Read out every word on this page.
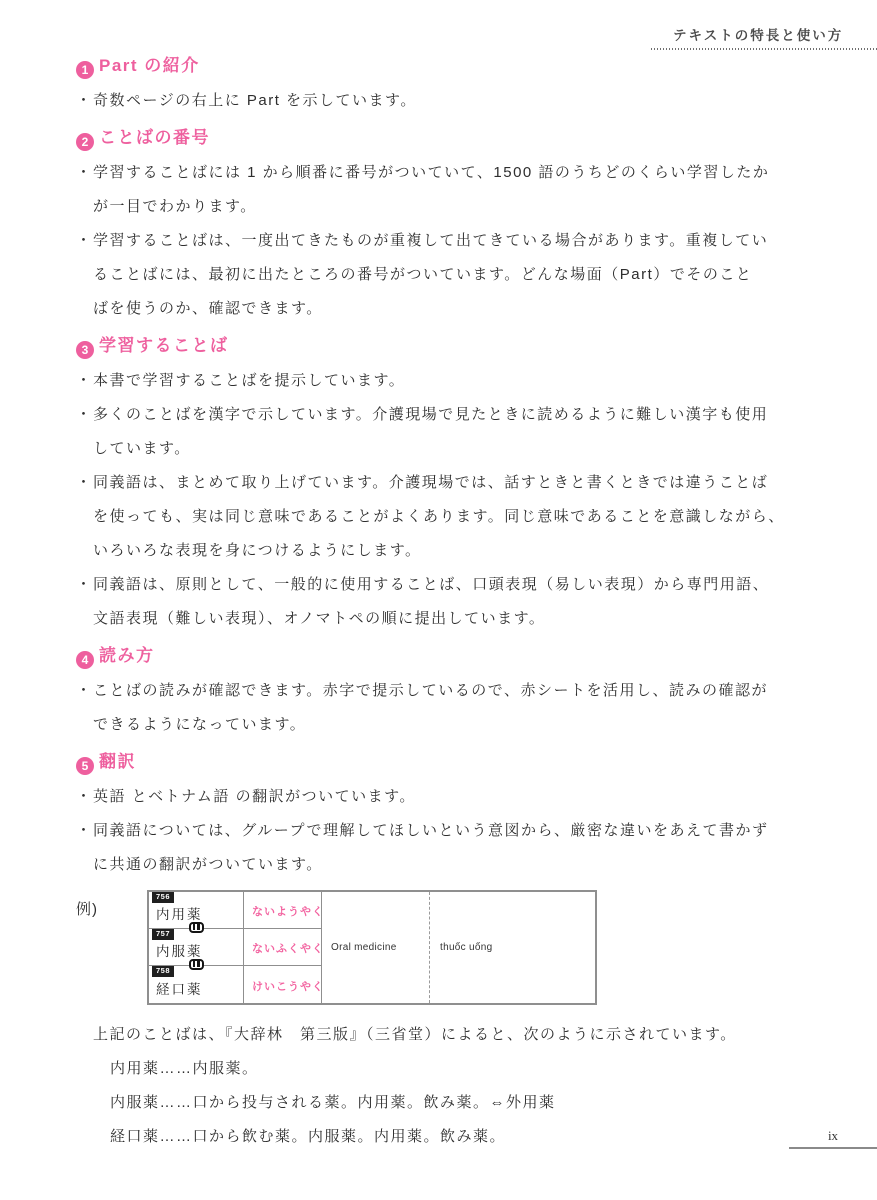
テキストの特長と使い方
1 Part の紹介
・ 奇数ページの右上に Part を示しています。
2 ことばの番号
・ 学習することばには 1 から順番に番号がついていて、1500 語のうちどのくらい学習したか
が一目でわかります。
・ 学習することばは、一度出てきたものが重複して出てきている場合があります。重複してい
ることばには、最初に出たところの番号がついています。どんな場面（Part）でそのこと
ばを使うのか、確認できます。
3 学習することば
・ 本書で学習することばを提示しています。
・ 多くのことばを漢字で示しています。介護現場で見たときに読めるように難しい漢字も使用
しています。
・ 同義語は、まとめて取り上げています。介護現場では、話すときと書くときでは違うことば
を使っても、実は同じ意味であることがよくあります。同じ意味であることを意識しながら、
いろいろな表現を身につけるようにします。
・ 同義語は、原則として、一般的に使用することば、口頭表現（易しい表現）から専門用語、
文語表現（難しい表現）、オノマトペの順に提出しています。
4 読み方
・ ことばの読みが確認できます。赤字で提示しているので、赤シートを活用し、読みの確認が
できるようになっています。
5 翻訳
・ 英語 とベトナム語 の翻訳がついています。
・ 同義語については、グループで理解してほしいという意図から、厳密な違いをあえて書かず
に共通の翻訳がついています。
例)
756
内用薬
757
内服薬
758
経口薬
ないようやく
ないふくやく
けいこうやく
Oral medicine	thuốc uống
上記のことばは、『大辞林　第三版』（三省堂）によると、次のように示されています。
内用薬……内服薬。
内服薬……口から投与される薬。内用薬。飲み薬。⇔外用薬
経口薬……口から飲む薬。内服薬。内用薬。飲み薬。	ix
